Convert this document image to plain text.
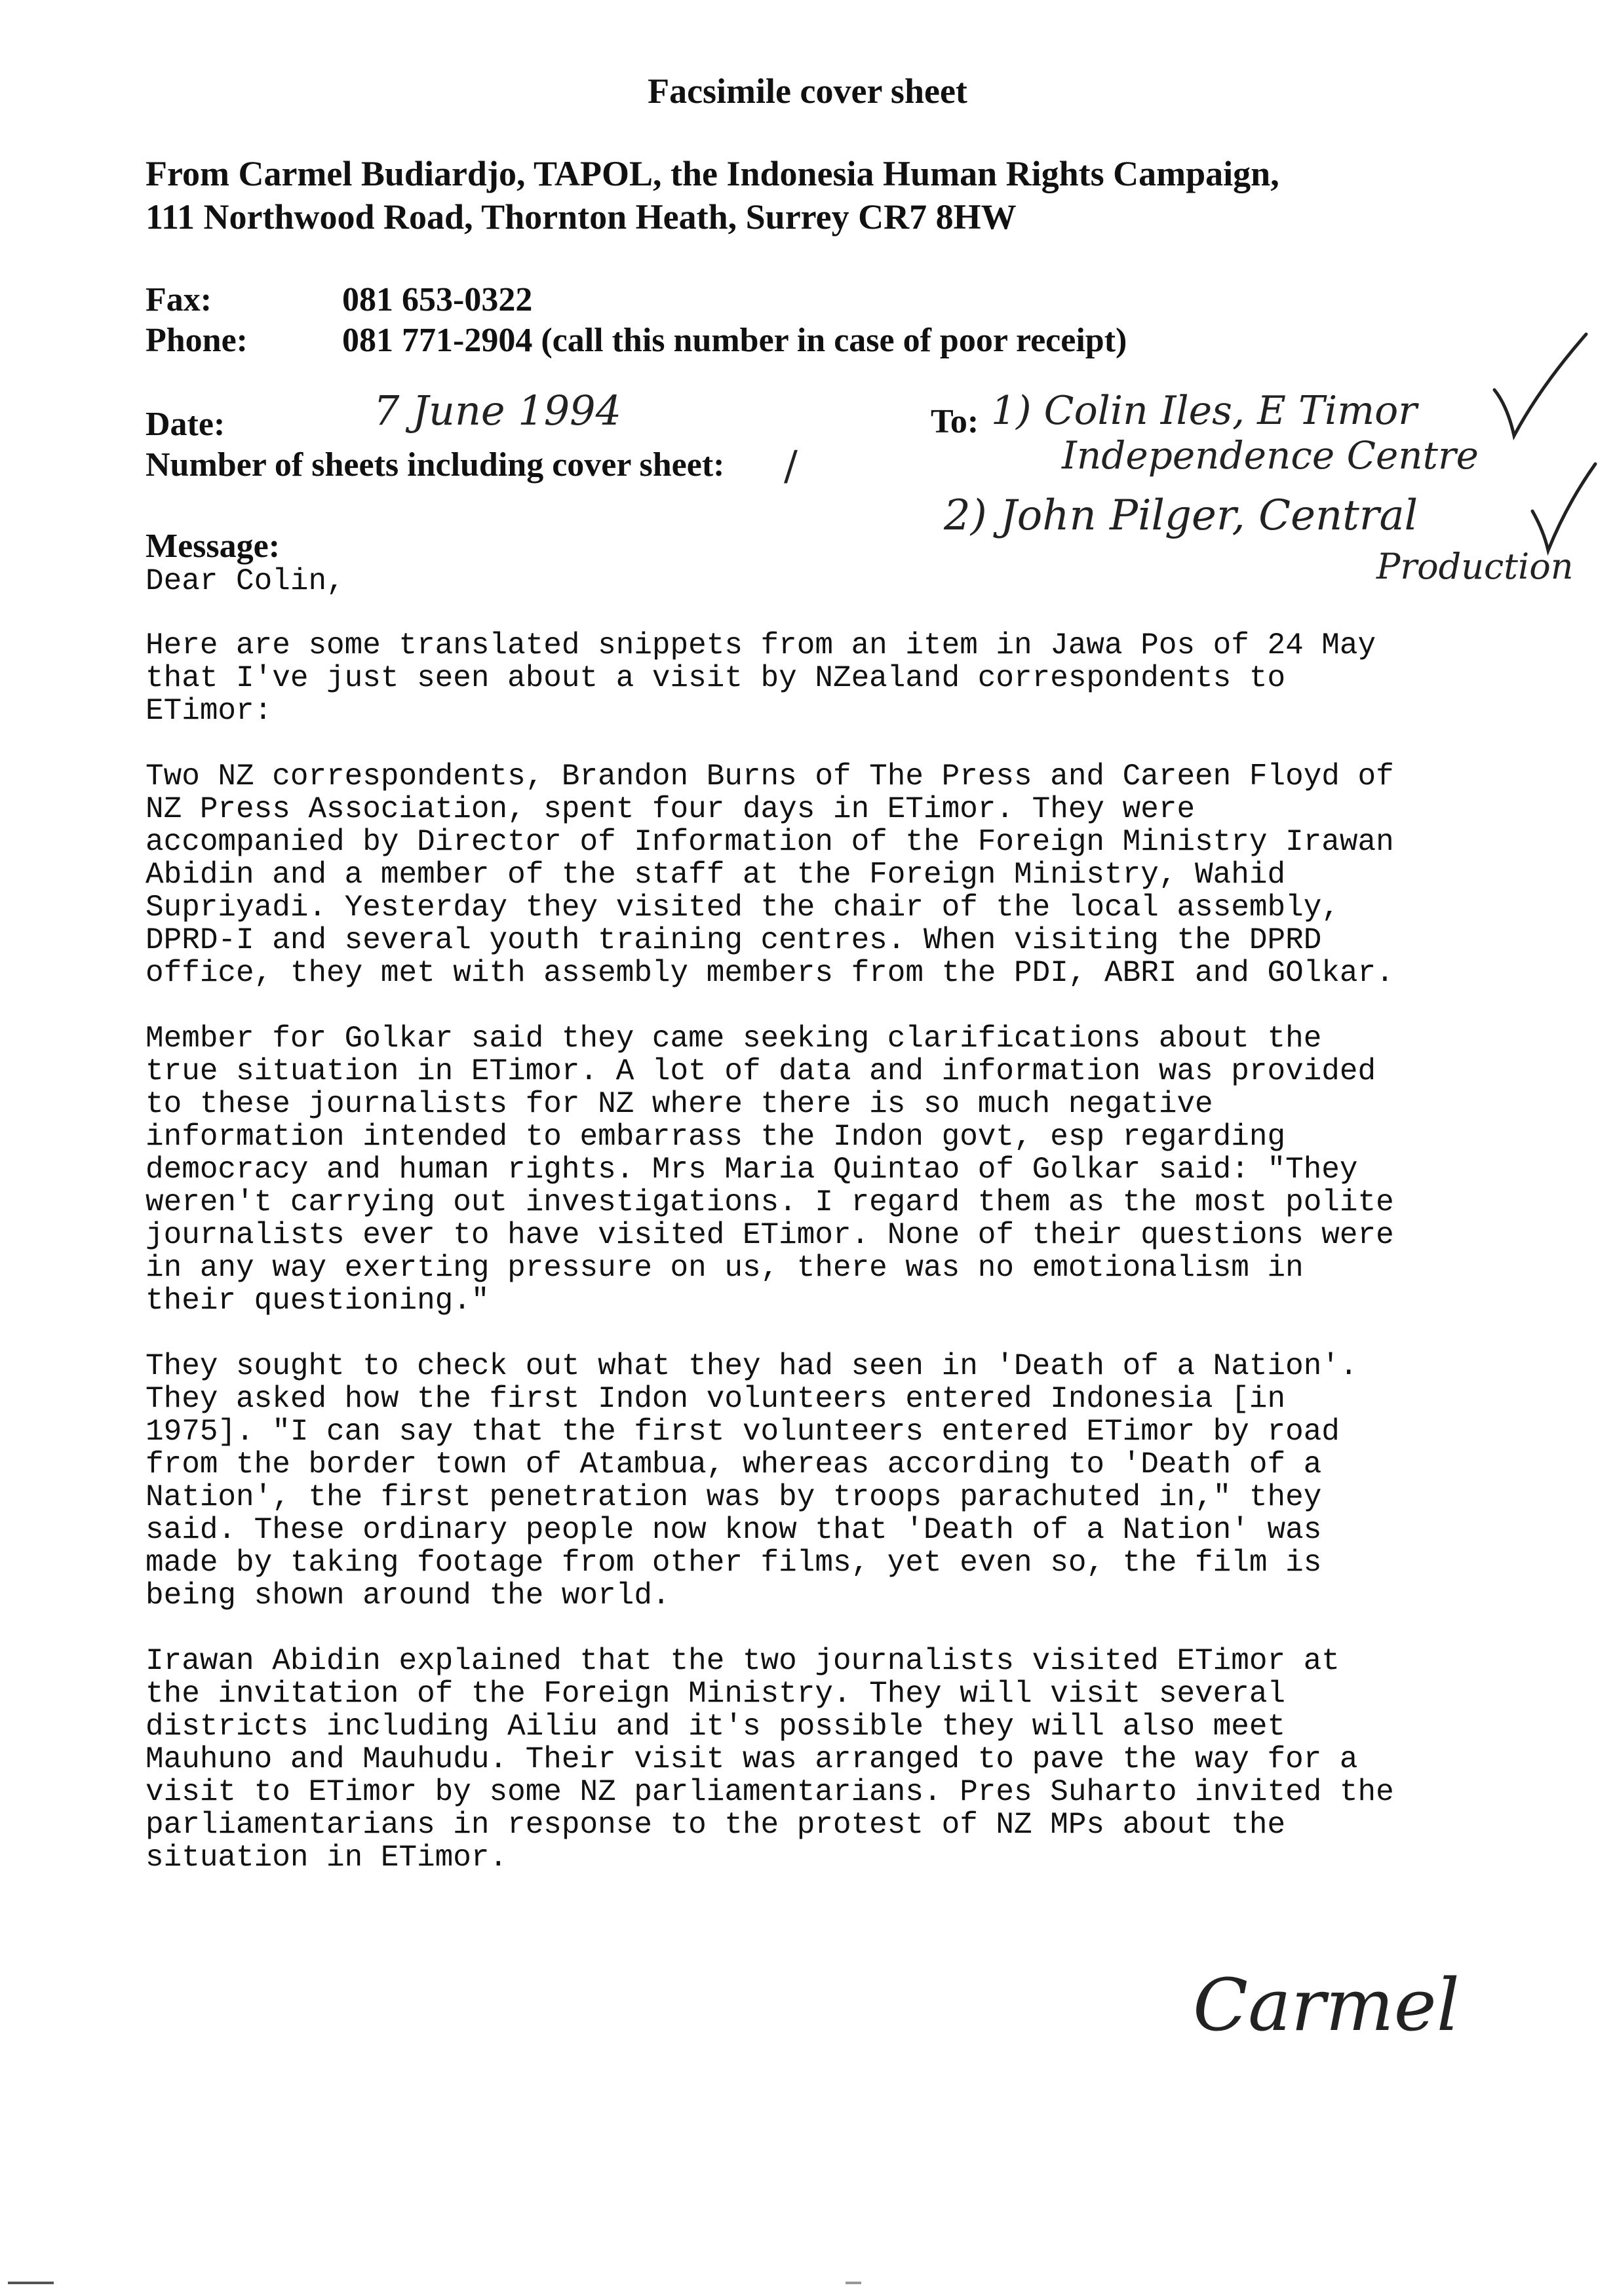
Facsimile cover sheet
From Carmel Budiardjo, TAPOL, the Indonesia Human Rights Campaign,
111 Northwood Road, Thornton Heath, Surrey CR7 8HW
Fax:	081 653-0322
Phone:	081 771-2904 (call this number in case of poor receipt)
Date:	7 June 1994
Number of sheets including cover sheet: /
To: 1) Colin Iles, E Timor
Independence Centre
2) John Pilger, Central
Production
Message:
Dear Colin,
Here are some translated snippets from an item in Jawa Pos of 24 May
that I've just seen about a visit by NZealand correspondents to
ETimor:
Two NZ correspondents, Brandon Burns of The Press and Careen Floyd of
NZ Press Association, spent four days in ETimor. They were
accompanied by Director of Information of the Foreign Ministry Irawan
Abidin and a member of the staff at the Foreign Ministry, Wahid
Supriyadi. Yesterday they visited the chair of the local assembly,
DPRD-I and several youth training centres. When visiting the DPRD
office, they met with assembly members from the PDI, ABRI and GOlkar.
Member for Golkar said they came seeking clarifications about the
true situation in ETimor. A lot of data and information was provided
to these journalists for NZ where there is so much negative
information intended to embarrass the Indon govt, esp regarding
democracy and human rights. Mrs Maria Quintao of Golkar said: "They
weren't carrying out investigations. I regard them as the most polite
journalists ever to have visited ETimor. None of their questions were
in any way exerting pressure on us, there was no emotionalism in
their questioning."
They sought to check out what they had seen in 'Death of a Nation'.
They asked how the first Indon volunteers entered Indonesia [in
1975]. "I can say that the first volunteers entered ETimor by road
from the border town of Atambua, whereas according to 'Death of a
Nation', the first penetration was by troops parachuted in," they
said. These ordinary people now know that 'Death of a Nation' was
made by taking footage from other films, yet even so, the film is
being shown around the world.
Irawan Abidin explained that the two journalists visited ETimor at
the invitation of the Foreign Ministry. They will visit several
districts including Ailiu and it's possible they will also meet
Mauhuno and Mauhudu. Their visit was arranged to pave the way for a
visit to ETimor by some NZ parliamentarians. Pres Suharto invited the
parliamentarians in response to the protest of NZ MPs about the
situation in ETimor.
Carmel
